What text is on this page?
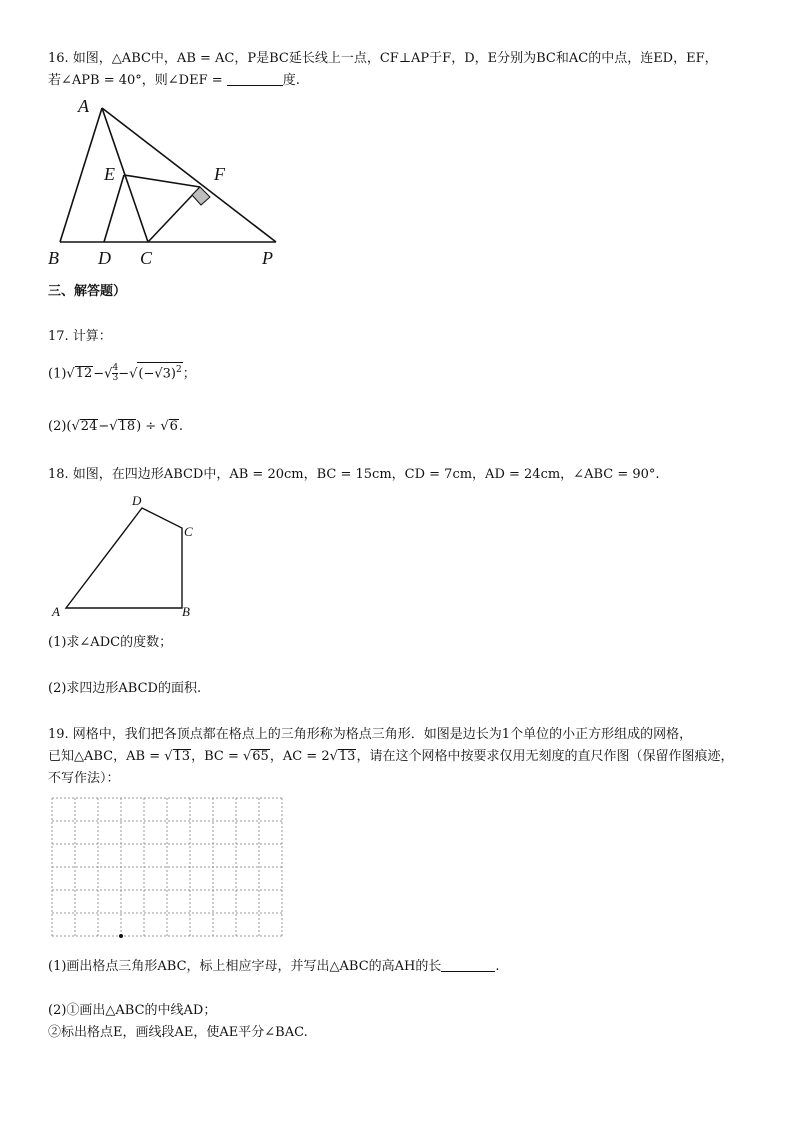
16. 如图，△ABC中，AB = AC，P是BC延长线上一点，CF⊥AP于F，D，E分别为BC和AC的中点，连ED，EF，
若∠APB = 40°，则∠DEF =	度.
A
E	F
B D C	P
三、解答题）
17. 计算：
$(1)√12-√ \frac{4}{3} -√(-√3)^2$；
(2)(√24−√18) ÷ √6.
18. 如图，在四边形ABCD中，AB = 20cm，BC = 15cm，CD = 7cm，AD = 24cm，∠ABC = 90°.
A	B
C
D
(1)求∠ADC的度数；
(2)求四边形ABCD的面积.
19. 网格中，我们把各顶点都在格点上的三角形称为格点三角形．如图是边长为1个单位的小正方形组成的网格，
已知△ABC，AB = √13，BC = √65，AC = 2√13，请在这个网格中按要求仅用无刻度的直尺作图（保留作图痕迹，
不写作法）：
(1)画出格点三角形ABC，标上相应字母，并写出△ABC的高AH的长	.
(2)①画出△ABC的中线AD；
②标出格点E，画线段AE，使AE平分∠BAC.
